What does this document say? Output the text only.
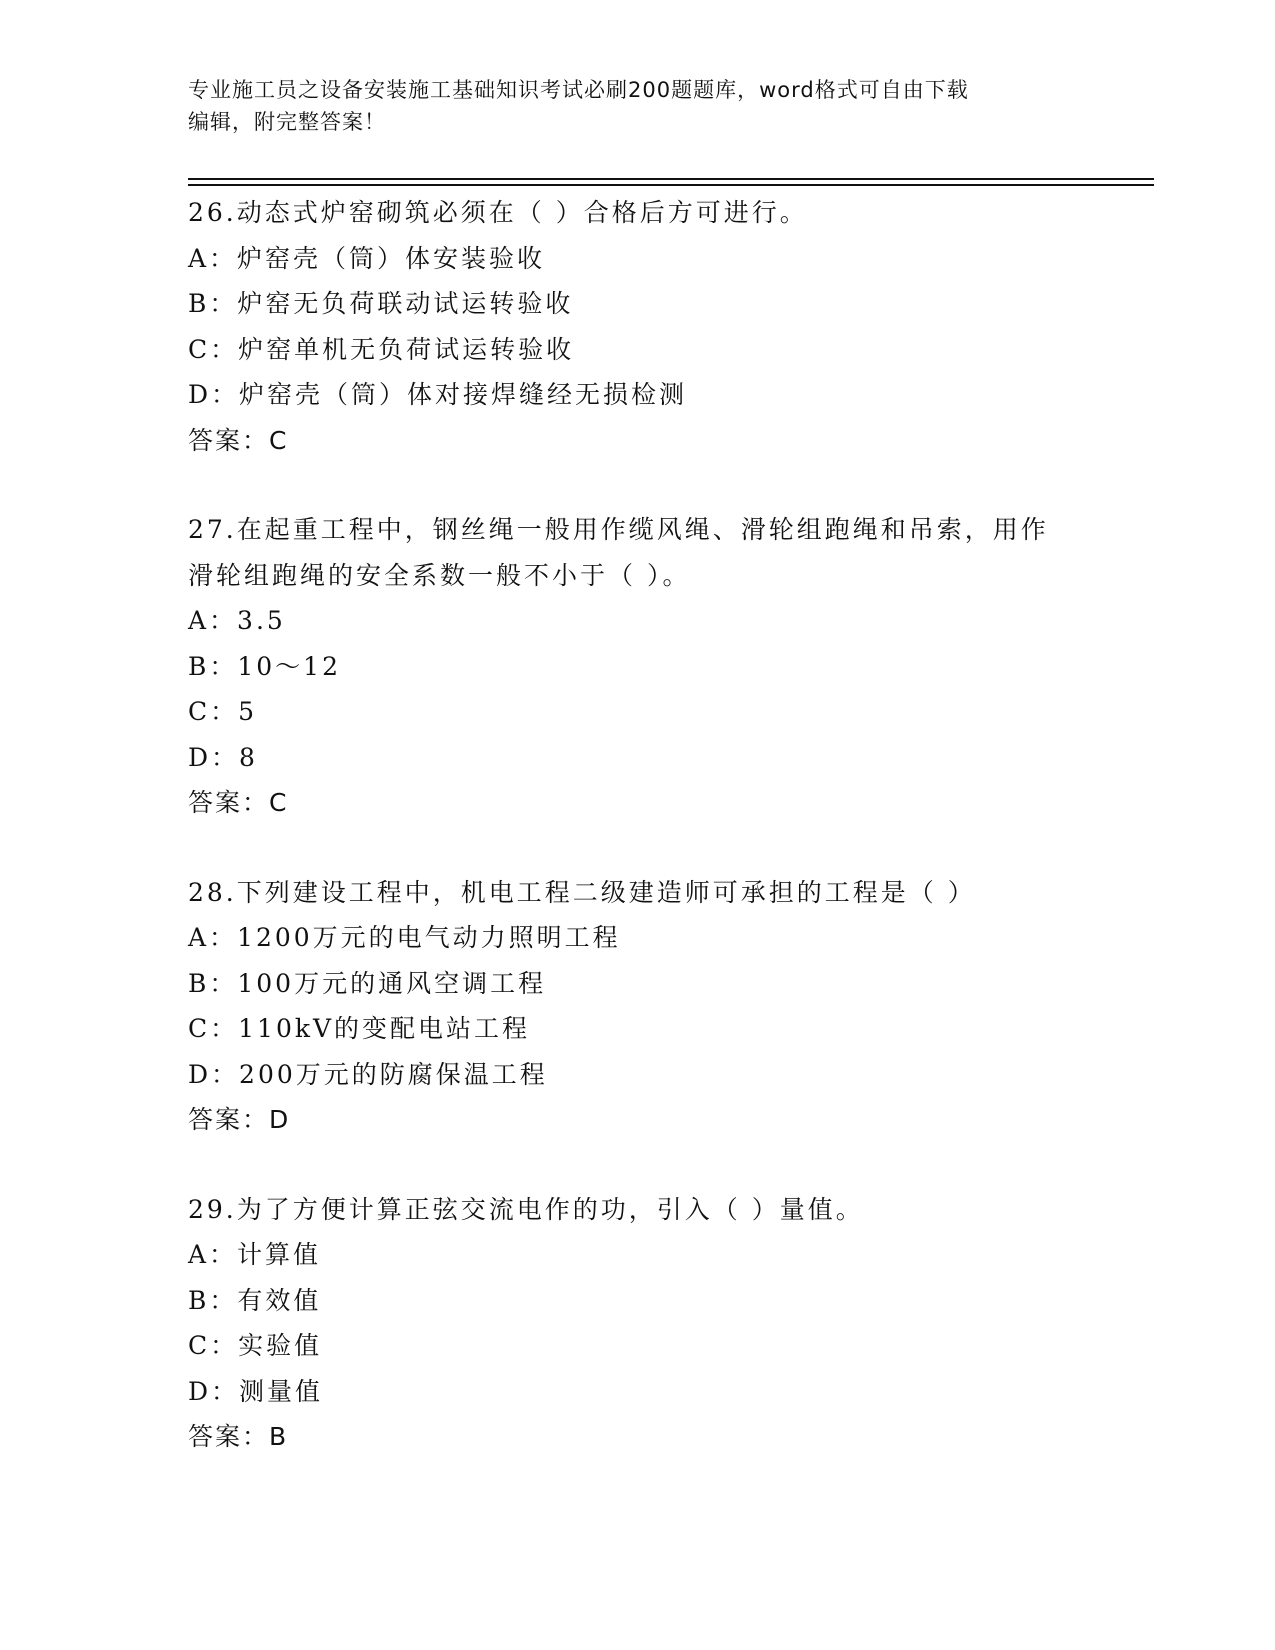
专业施工员之设备安装施工基础知识考试必刷200题题库，word格式可自由下载
编辑，附完整答案！
26.动态式炉窑砌筑必须在（ ）合格后方可进行。
A：炉窑壳（筒）体安装验收
B：炉窑无负荷联动试运转验收
C：炉窑单机无负荷试运转验收
D：炉窑壳（筒）体对接焊缝经无损检测
答案：C
27.在起重工程中，钢丝绳一般用作缆风绳、滑轮组跑绳和吊索，用作
滑轮组跑绳的安全系数一般不小于（ ）。
A：3.5
B：10～12
C：5
D：8
答案：C
28.下列建设工程中，机电工程二级建造师可承担的工程是（ ）
A：1200万元的电气动力照明工程
B：100万元的通风空调工程
C：110kV的变配电站工程
D：200万元的防腐保温工程
答案：D
29.为了方便计算正弦交流电作的功，引入（ ）量值。
A：计算值
B：有效值
C：实验值
D：测量值
答案：B
